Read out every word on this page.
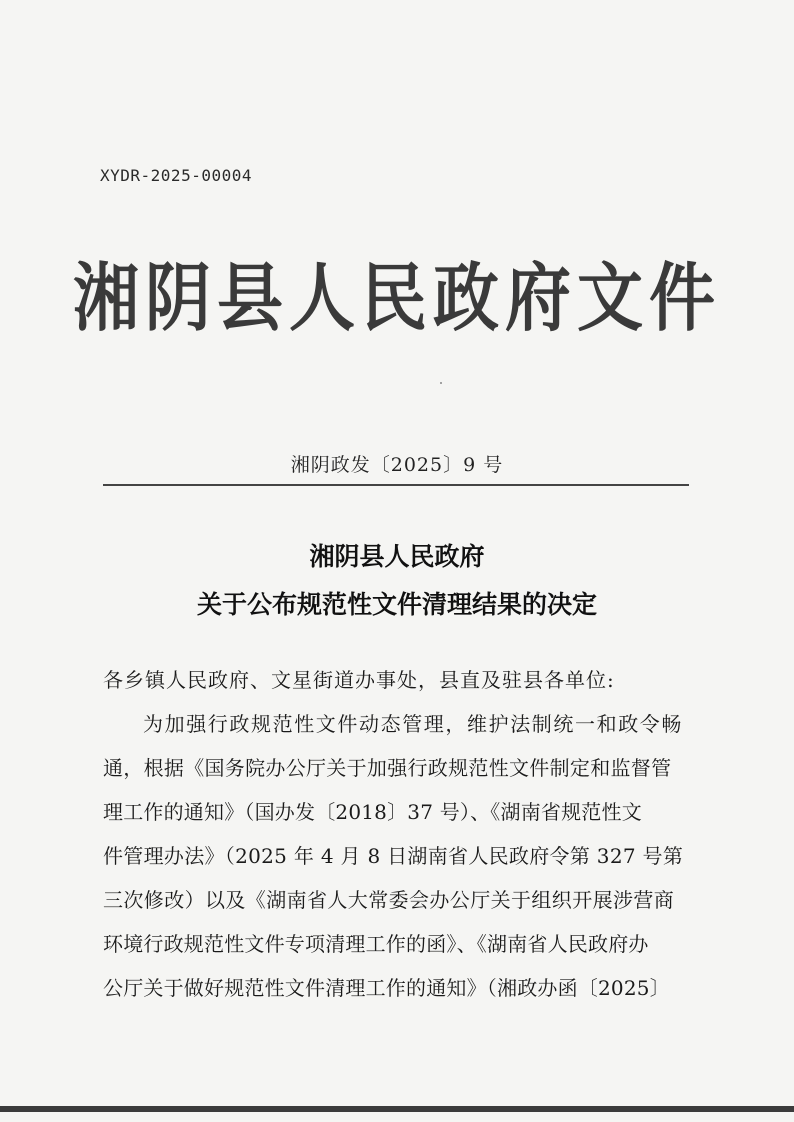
XYDR-2025-00004
湘阴县人民政府文件
湘阴政发〔2025〕9 号
湘阴县人民政府
关于公布规范性文件清理结果的决定
各乡镇人民政府、文星街道办事处，县直及驻县各单位:
为加强行政规范性文件动态管理，维护法制统一和政令畅
通，根据《国务院办公厅关于加强行政规范性文件制定和监督管
理工作的通知》（国办发〔2018〕37 号）、《湖南省规范性文
件管理办法》（2025 年 4 月 8 日湖南省人民政府令第 327 号第
三次修改）以及《湖南省人大常委会办公厅关于组织开展涉营商
环境行政规范性文件专项清理工作的函》、《湖南省人民政府办
公厅关于做好规范性文件清理工作的通知》（湘政办函〔2025〕
